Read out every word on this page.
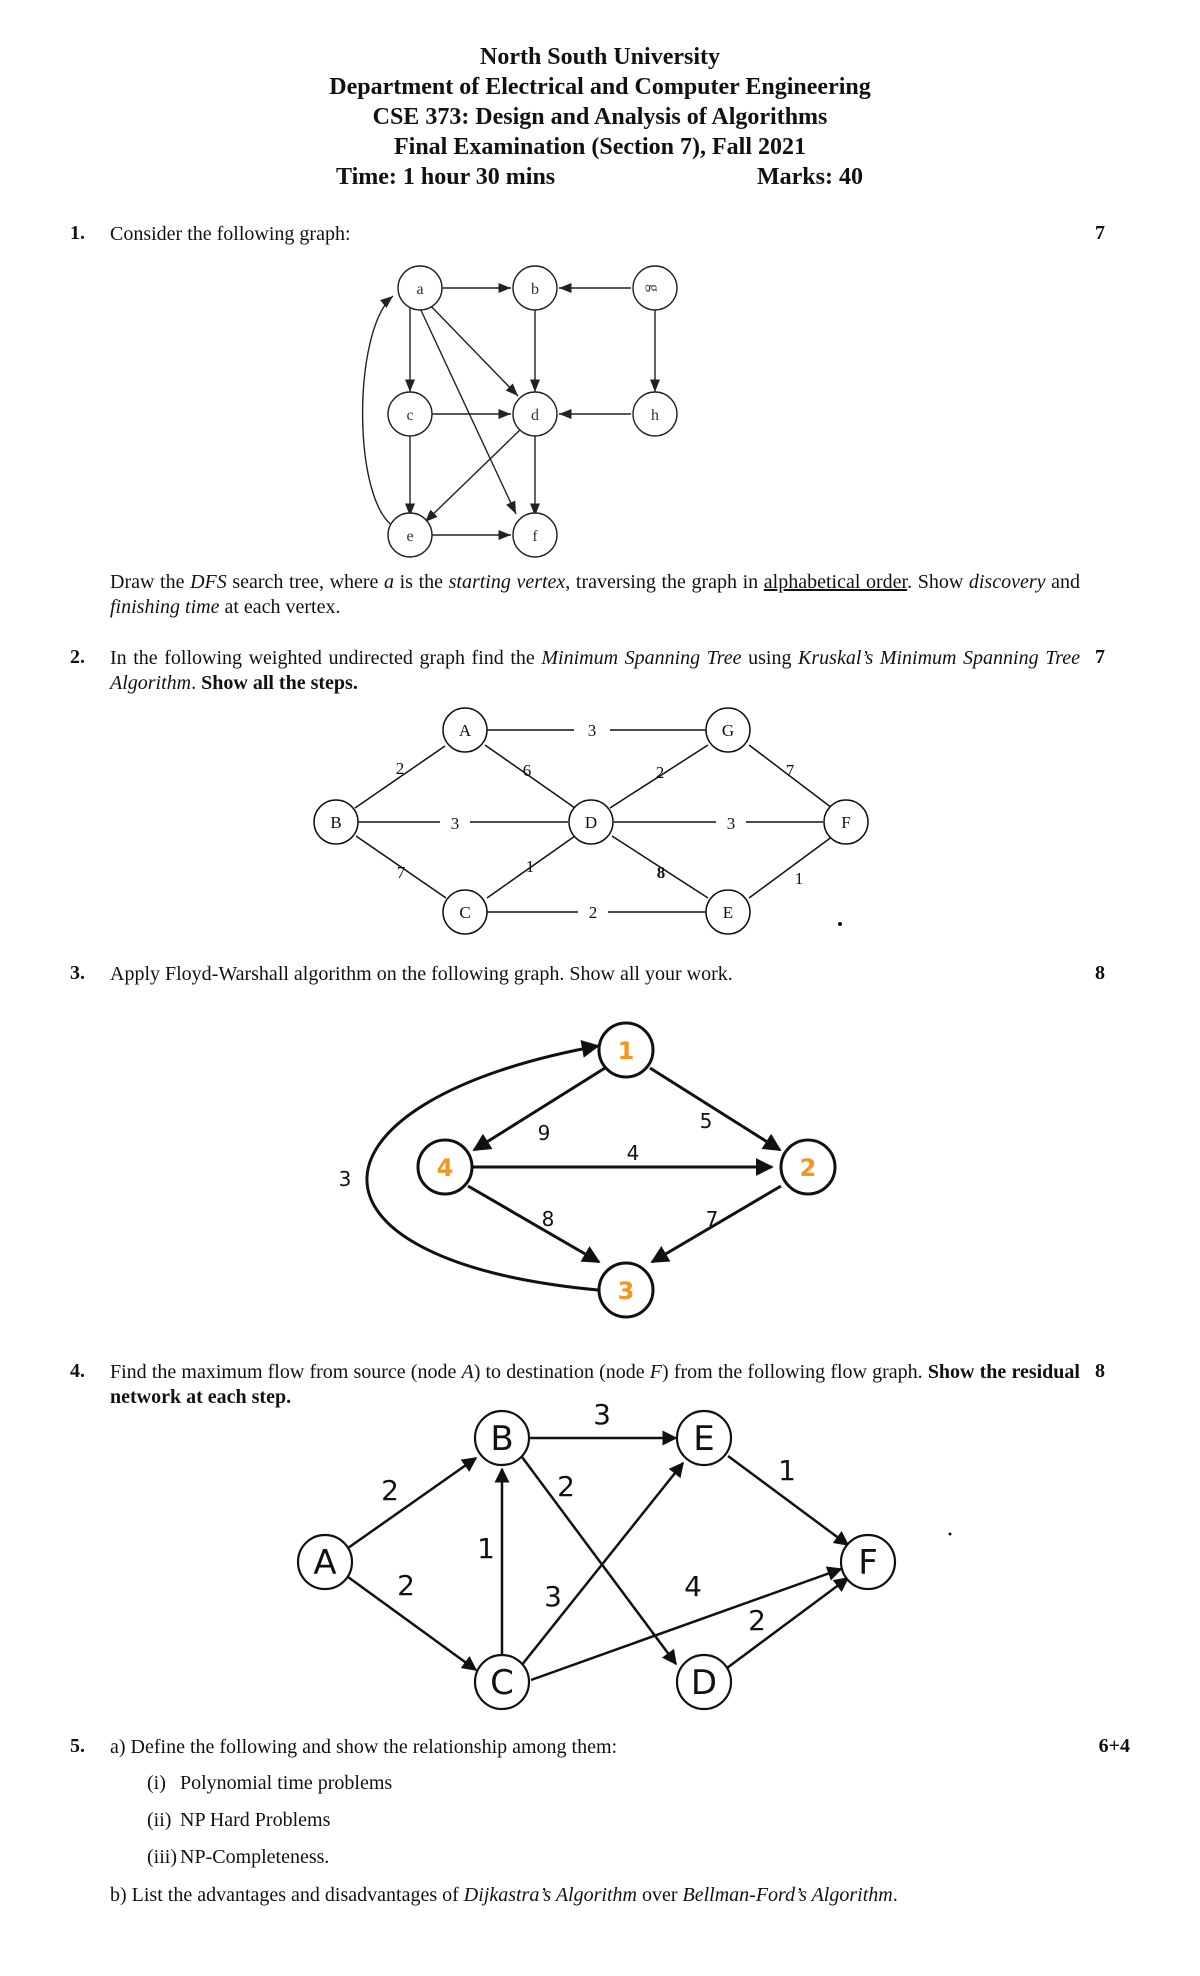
North South University
Department of Electrical and Computer Engineering
CSE 373: Design and Analysis of Algorithms
Final Examination (Section 7), Fall 2021
Time: 1 hour 30 mins	Marks: 40
1. Consider the following graph:	7
a	b	g
c	d	h
e	f
Draw the DFS search tree, where a is the starting vertex, traversing the graph in alphabetical order. Show discovery and finishing time at each vertex.
2. In the following weighted undirected graph find the Minimum Spanning Tree using Kruskal’s Minimum Spanning Tree Algorithm. Show all the steps.
7
A	G
B	D	F
C	E
3
2	6	2	7
3	3
7	1	8	1
2
3. Apply Floyd-Warshall algorithm on the following graph. Show all your work.	8
1
4	2
3
9	5
4
8	7
3
4. Find the maximum flow from source (node A) to destination (node F) from the following flow graph. Show the residual network at each step.
8
B	E
A	F
C	D
3
1
2
2
1
2
3	4
2
5. a) Define the following and show the relationship among them:	6+4
(i) Polynomial time problems
(ii) NP Hard Problems
(iii) NP-Completeness.
b) List the advantages and disadvantages of Dijkastra’s Algorithm over Bellman-Ford’s Algorithm.
